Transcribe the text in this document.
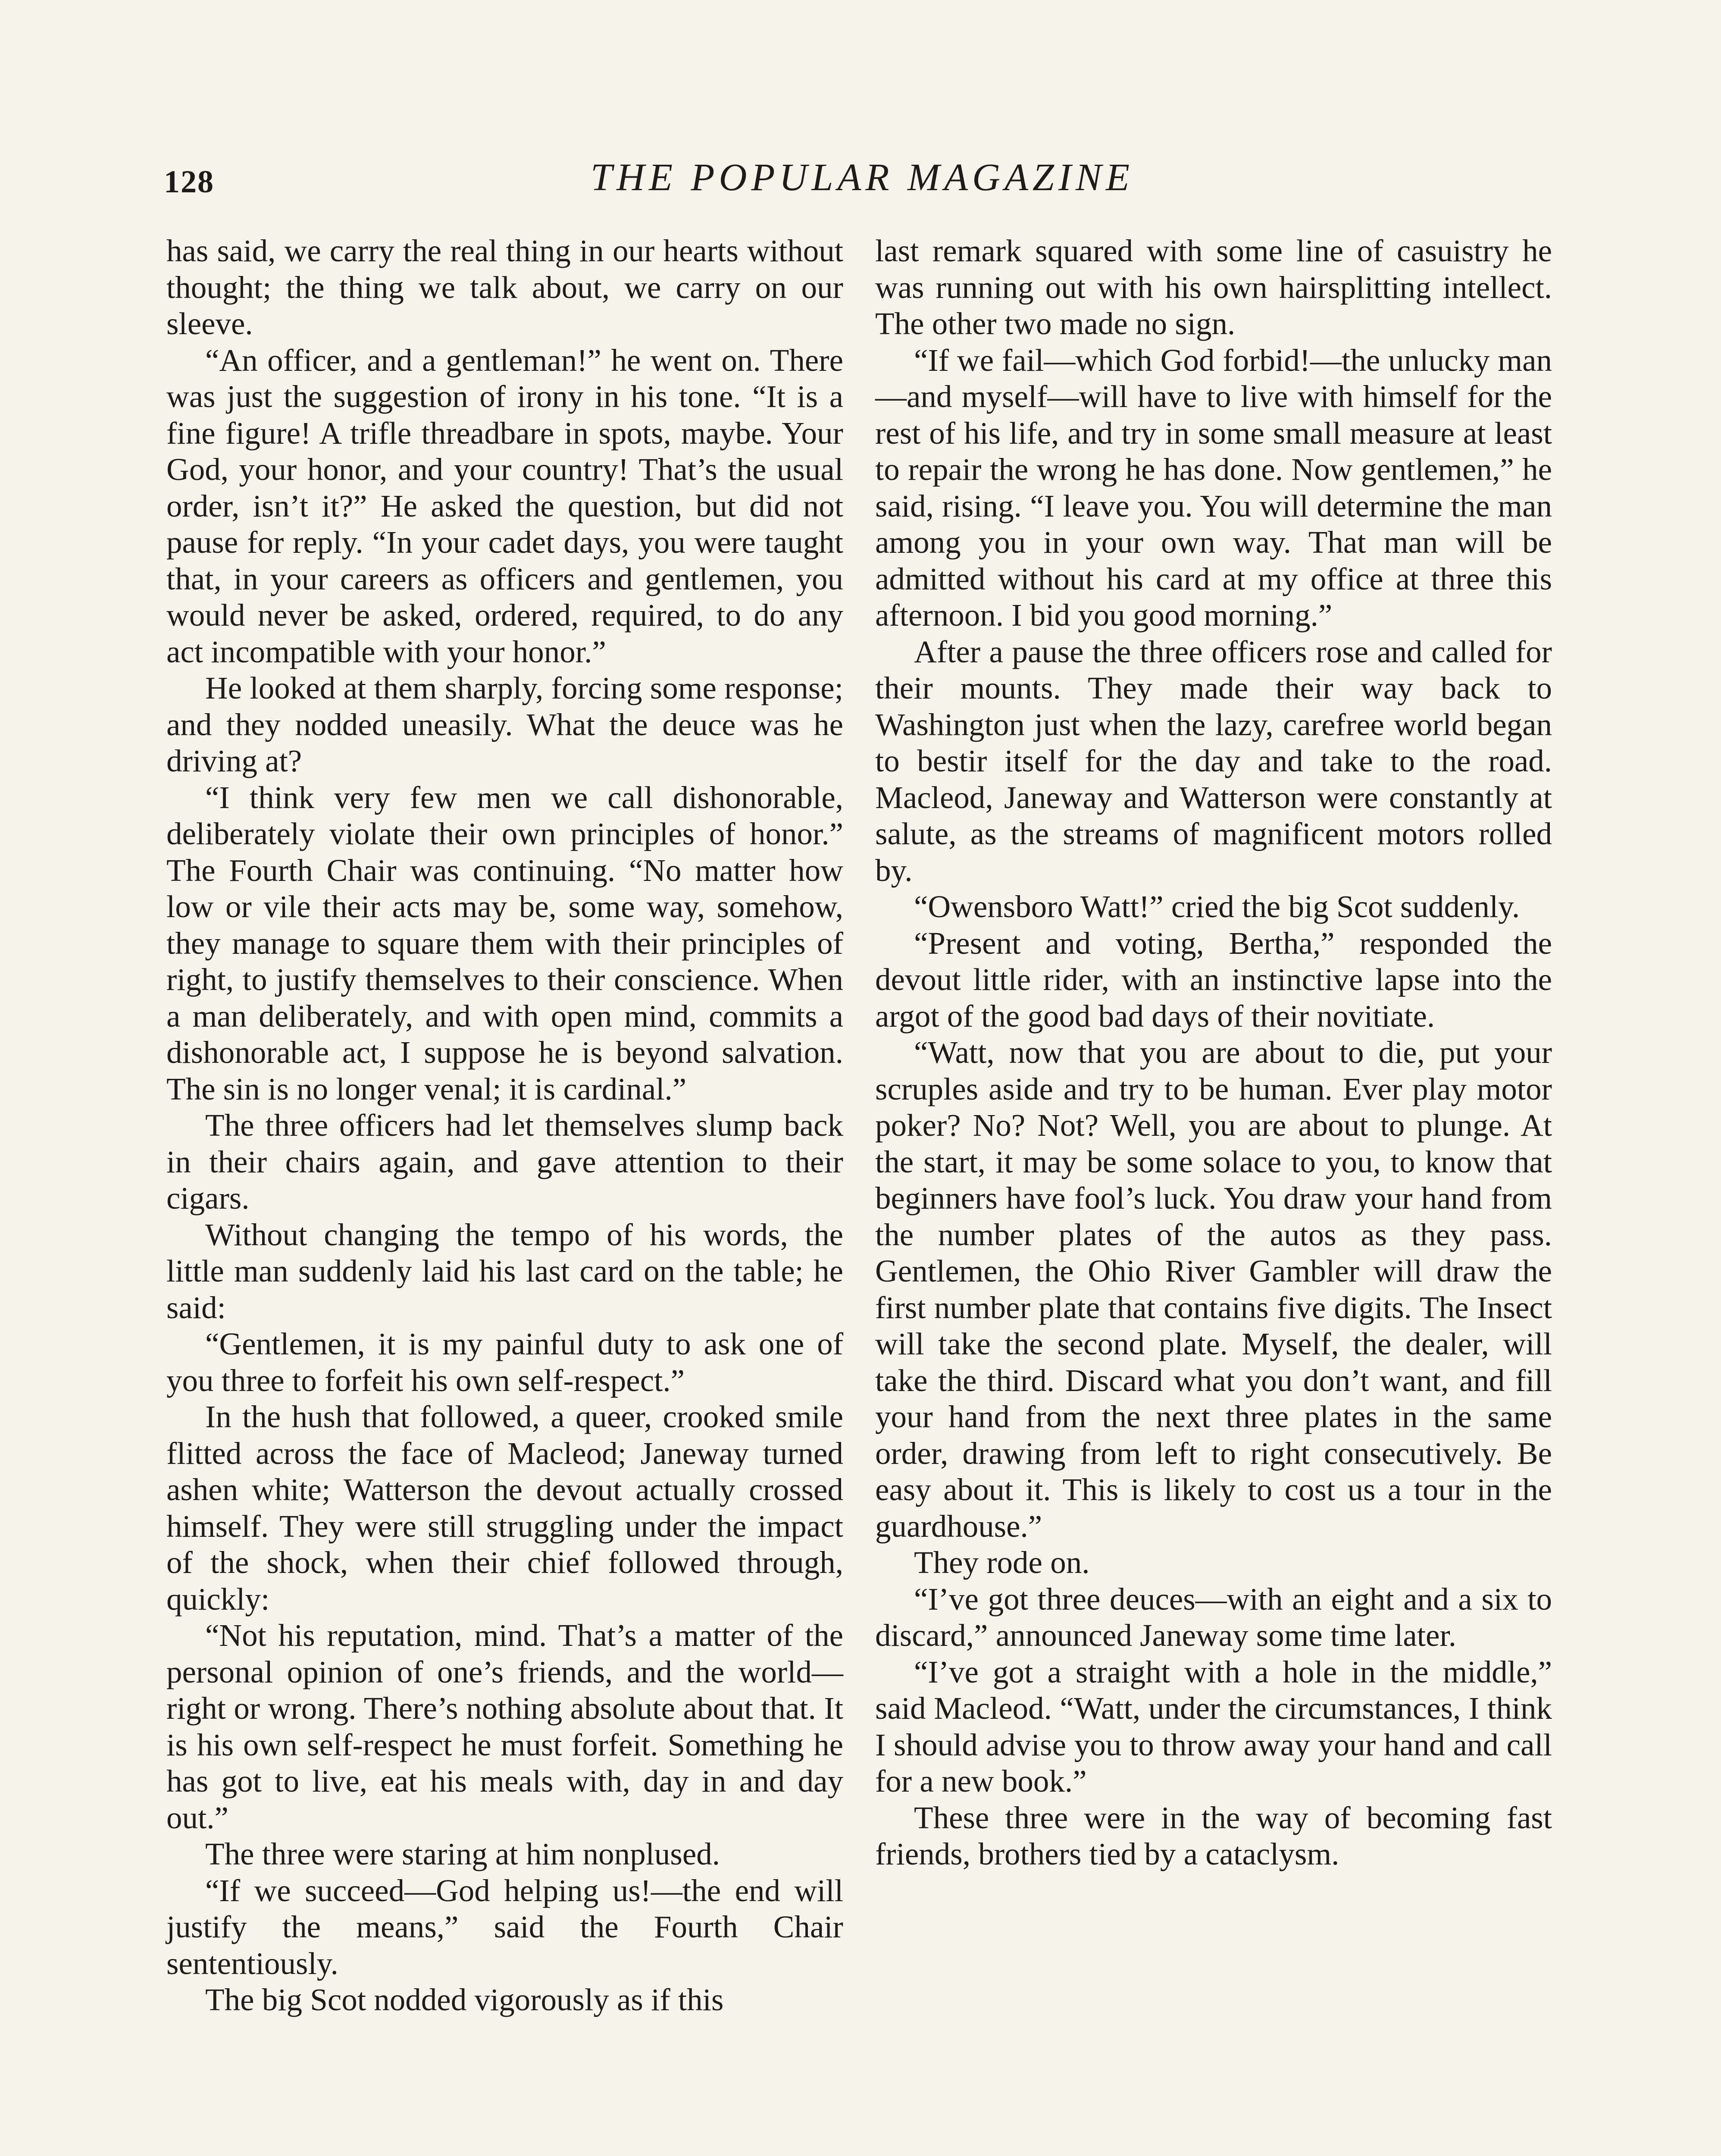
128	THE POPULAR MAGAZINE

has said, we carry the real thing in our hearts without thought; the thing we talk about, we carry on our sleeve.

“An officer, and a gentleman!” he went on. There was just the suggestion of irony in his tone. “It is a fine figure! A trifle threadbare in spots, maybe. Your God, your honor, and your country! That’s the usual order, isn’t it?” He asked the question, but did not pause for reply. “In your cadet days, you were taught that, in your careers as officers and gentlemen, you would never be asked, ordered, required, to do any act incompatible with your honor.”

He looked at them sharply, forcing some response; and they nodded uneasily. What the deuce was he driving at?

“I think very few men we call dishonorable, deliberately violate their own principles of honor.” The Fourth Chair was continuing. “No matter how low or vile their acts may be, some way, somehow, they manage to square them with their principles of right, to justify themselves to their conscience. When a man deliberately, and with open mind, commits a dishonorable act, I suppose he is beyond salvation. The sin is no longer venal; it is cardinal.”

The three officers had let themselves slump back in their chairs again, and gave attention to their cigars.

Without changing the tempo of his words, the little man suddenly laid his last card on the table; he said:

“Gentlemen, it is my painful duty to ask one of you three to forfeit his own self-respect.”

In the hush that followed, a queer, crooked smile flitted across the face of Macleod; Janeway turned ashen white; Watterson the devout actually crossed himself. They were still struggling under the impact of the shock, when their chief followed through, quickly:

“Not his reputation, mind. That’s a matter of the personal opinion of one’s friends, and the world—right or wrong. There’s nothing absolute about that. It is his own self-respect he must forfeit. Something he has got to live, eat his meals with, day in and day out.”

The three were staring at him nonplused.

“If we succeed—God helping us!—the end will justify the means,” said the Fourth Chair sententiously.

The big Scot nodded vigorously as if this

last remark squared with some line of casuistry he was running out with his own hairsplitting intellect. The other two made no sign.

“If we fail—which God forbid!—the unlucky man—and myself—will have to live with himself for the rest of his life, and try in some small measure at least to repair the wrong he has done. Now gentlemen,” he said, rising. “I leave you. You will determine the man among you in your own way. That man will be admitted without his card at my office at three this afternoon. I bid you good morning.”

After a pause the three officers rose and called for their mounts. They made their way back to Washington just when the lazy, carefree world began to bestir itself for the day and take to the road. Macleod, Janeway and Watterson were constantly at salute, as the streams of magnificent motors rolled by.

“Owensboro Watt!” cried the big Scot suddenly.

“Present and voting, Bertha,” responded the devout little rider, with an instinctive lapse into the argot of the good bad days of their novitiate.

“Watt, now that you are about to die, put your scruples aside and try to be human. Ever play motor poker? No? Not? Well, you are about to plunge. At the start, it may be some solace to you, to know that beginners have fool’s luck. You draw your hand from the number plates of the autos as they pass. Gentlemen, the Ohio River Gambler will draw the first number plate that contains five digits. The Insect will take the second plate. Myself, the dealer, will take the third. Discard what you don’t want, and fill your hand from the next three plates in the same order, drawing from left to right consecutively. Be easy about it. This is likely to cost us a tour in the guardhouse.”

They rode on.

“I’ve got three deuces—with an eight and a six to discard,” announced Janeway some time later.

“I’ve got a straight with a hole in the middle,” said Macleod. “Watt, under the circumstances, I think I should advise you to throw away your hand and call for a new book.”

These three were in the way of becoming fast friends, brothers tied by a cataclysm.
